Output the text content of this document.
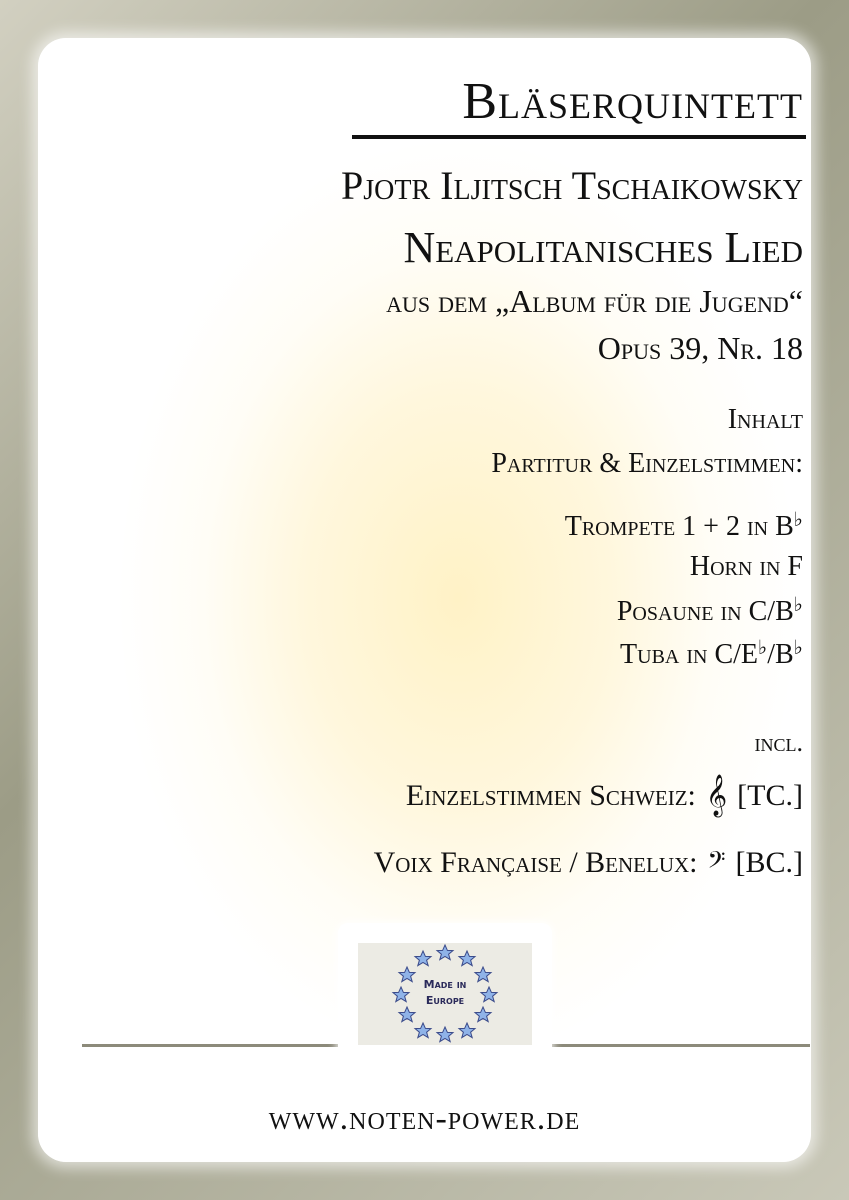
Bläserquintett
Pjotr Iljitsch Tschaikowsky
Neapolitanisches Lied
aus dem „Album für die Jugend“
Opus 39, Nr. 18
Inhalt
Partitur & Einzelstimmen:
Trompete 1 + 2 in B♭
Horn in F
Posaune in C/B♭
Tuba in C/E♭/B♭
incl.
Einzelstimmen Schweiz: 𝄞 [TC.]
Voix Française / Benelux: 𝄢 [BC.]
Made in
Europe
www.noten-power.de
